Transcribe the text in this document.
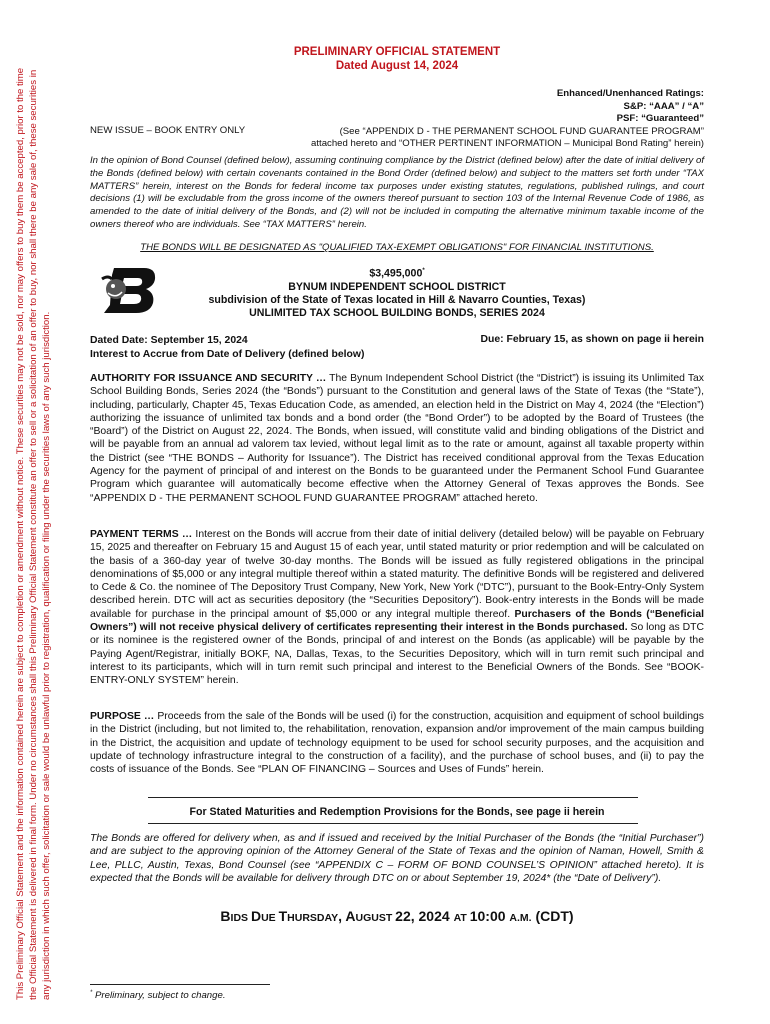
This Preliminary Official Statement and the information contained herein are subject to completion or amendment without notice. These securities may not be sold, nor may offers to buy them be accepted, prior to the time the Official Statement is delivered in final form. Under no circumstances shall this Preliminary Official Statement constitute an offer to sell or a solicitation of an offer to buy, nor shall there be any sale of, these securities in any jurisdiction in which such offer, solicitation or sale would be unlawful prior to registration, qualification or filing under the securities laws of any such jurisdiction.
PRELIMINARY OFFICIAL STATEMENT
Dated August 14, 2024
Enhanced/Unenhanced Ratings:
S&P: “AAA” / “A”
PSF: “Guaranteed”
(See “APPENDIX D - THE PERMANENT SCHOOL FUND GUARANTEE PROGRAM”
attached hereto and “OTHER PERTINENT INFORMATION – Municipal Bond Rating” herein)
NEW ISSUE – BOOK ENTRY ONLY
In the opinion of Bond Counsel (defined below), assuming continuing compliance by the District (defined below) after the date of initial delivery of the Bonds (defined below) with certain covenants contained in the Bond Order (defined below) and subject to the matters set forth under “TAX MATTERS” herein, interest on the Bonds for federal income tax purposes under existing statutes, regulations, published rulings, and court decisions (1) will be excludable from the gross income of the owners thereof pursuant to section 103 of the Internal Revenue Code of 1986, as amended to the date of initial delivery of the Bonds, and (2) will not be included in computing the alternative minimum taxable income of the owners thereof who are individuals. See “TAX MATTERS” herein.
THE BONDS WILL BE DESIGNATED AS "QUALIFIED TAX-EXEMPT OBLIGATIONS" FOR FINANCIAL INSTITUTIONS.
$3,495,000*
BYNUM INDEPENDENT SCHOOL DISTRICT
subdivision of the State of Texas located in Hill & Navarro Counties, Texas)
UNLIMITED TAX SCHOOL BUILDING BONDS, SERIES 2024
Dated Date: September 15, 2024
Interest to Accrue from Date of Delivery (defined below)
Due: February 15, as shown on page ii herein
AUTHORITY FOR ISSUANCE AND SECURITY … The Bynum Independent School District (the “District”) is issuing its Unlimited Tax School Building Bonds, Series 2024 (the “Bonds”) pursuant to the Constitution and general laws of the State of Texas (the “State”), including, particularly, Chapter 45, Texas Education Code, as amended, an election held in the District on May 4, 2024 (the “Election”) authorizing the issuance of unlimited tax bonds and a bond order (the “Bond Order”) to be adopted by the Board of Trustees (the “Board”) of the District on August 22, 2024. The Bonds, when issued, will constitute valid and binding obligations of the District and will be payable from an annual ad valorem tax levied, without legal limit as to the rate or amount, against all taxable property within the District (see “THE BONDS – Authority for Issuance”). The District has received conditional approval from the Texas Education Agency for the payment of principal of and interest on the Bonds to be guaranteed under the Permanent School Fund Guarantee Program which guarantee will automatically become effective when the Attorney General of Texas approves the Bonds. See “APPENDIX D - THE PERMANENT SCHOOL FUND GUARANTEE PROGRAM” attached hereto.
PAYMENT TERMS … Interest on the Bonds will accrue from their date of initial delivery (detailed below) will be payable on February 15, 2025 and thereafter on February 15 and August 15 of each year, until stated maturity or prior redemption and will be calculated on the basis of a 360-day year of twelve 30-day months. The Bonds will be issued as fully registered obligations in the principal denominations of $5,000 or any integral multiple thereof within a stated maturity. The definitive Bonds will be registered and delivered to Cede & Co. the nominee of The Depository Trust Company, New York, New York (“DTC”), pursuant to the Book-Entry-Only System described herein. DTC will act as securities depository (the “Securities Depository”). Book-entry interests in the Bonds will be made available for purchase in the principal amount of $5,000 or any integral multiple thereof. Purchasers of the Bonds (“Beneficial Owners”) will not receive physical delivery of certificates representing their interest in the Bonds purchased. So long as DTC or its nominee is the registered owner of the Bonds, principal of and interest on the Bonds (as applicable) will be payable by the Paying Agent/Registrar, initially BOKF, NA, Dallas, Texas, to the Securities Depository, which will in turn remit such principal and interest to its participants, which will in turn remit such principal and interest to the Beneficial Owners of the Bonds. See “BOOK-ENTRY-ONLY SYSTEM” herein.
PURPOSE … Proceeds from the sale of the Bonds will be used (i) for the construction, acquisition and equipment of school buildings in the District (including, but not limited to, the rehabilitation, renovation, expansion and/or improvement of the main campus building in the District, the acquisition and update of technology equipment to be used for school security purposes, and the acquisition and update of technology infrastructure integral to the construction of a facility), and the purchase of school buses, and (ii) to pay the costs of issuance of the Bonds. See “PLAN OF FINANCING – Sources and Uses of Funds” herein.
For Stated Maturities and Redemption Provisions for the Bonds, see page ii herein
The Bonds are offered for delivery when, as and if issued and received by the Initial Purchaser of the Bonds (the “Initial Purchaser”) and are subject to the approving opinion of the Attorney General of the State of Texas and the opinion of Naman, Howell, Smith & Lee, PLLC, Austin, Texas, Bond Counsel (see “APPENDIX C – FORM OF BOND COUNSEL’S OPINION” attached hereto). It is expected that the Bonds will be available for delivery through DTC on or about September 19, 2024* (the “Date of Delivery”).
BIDS DUE THURSDAY, AUGUST 22, 2024 AT 10:00 A.M. (CDT)
* Preliminary, subject to change.
